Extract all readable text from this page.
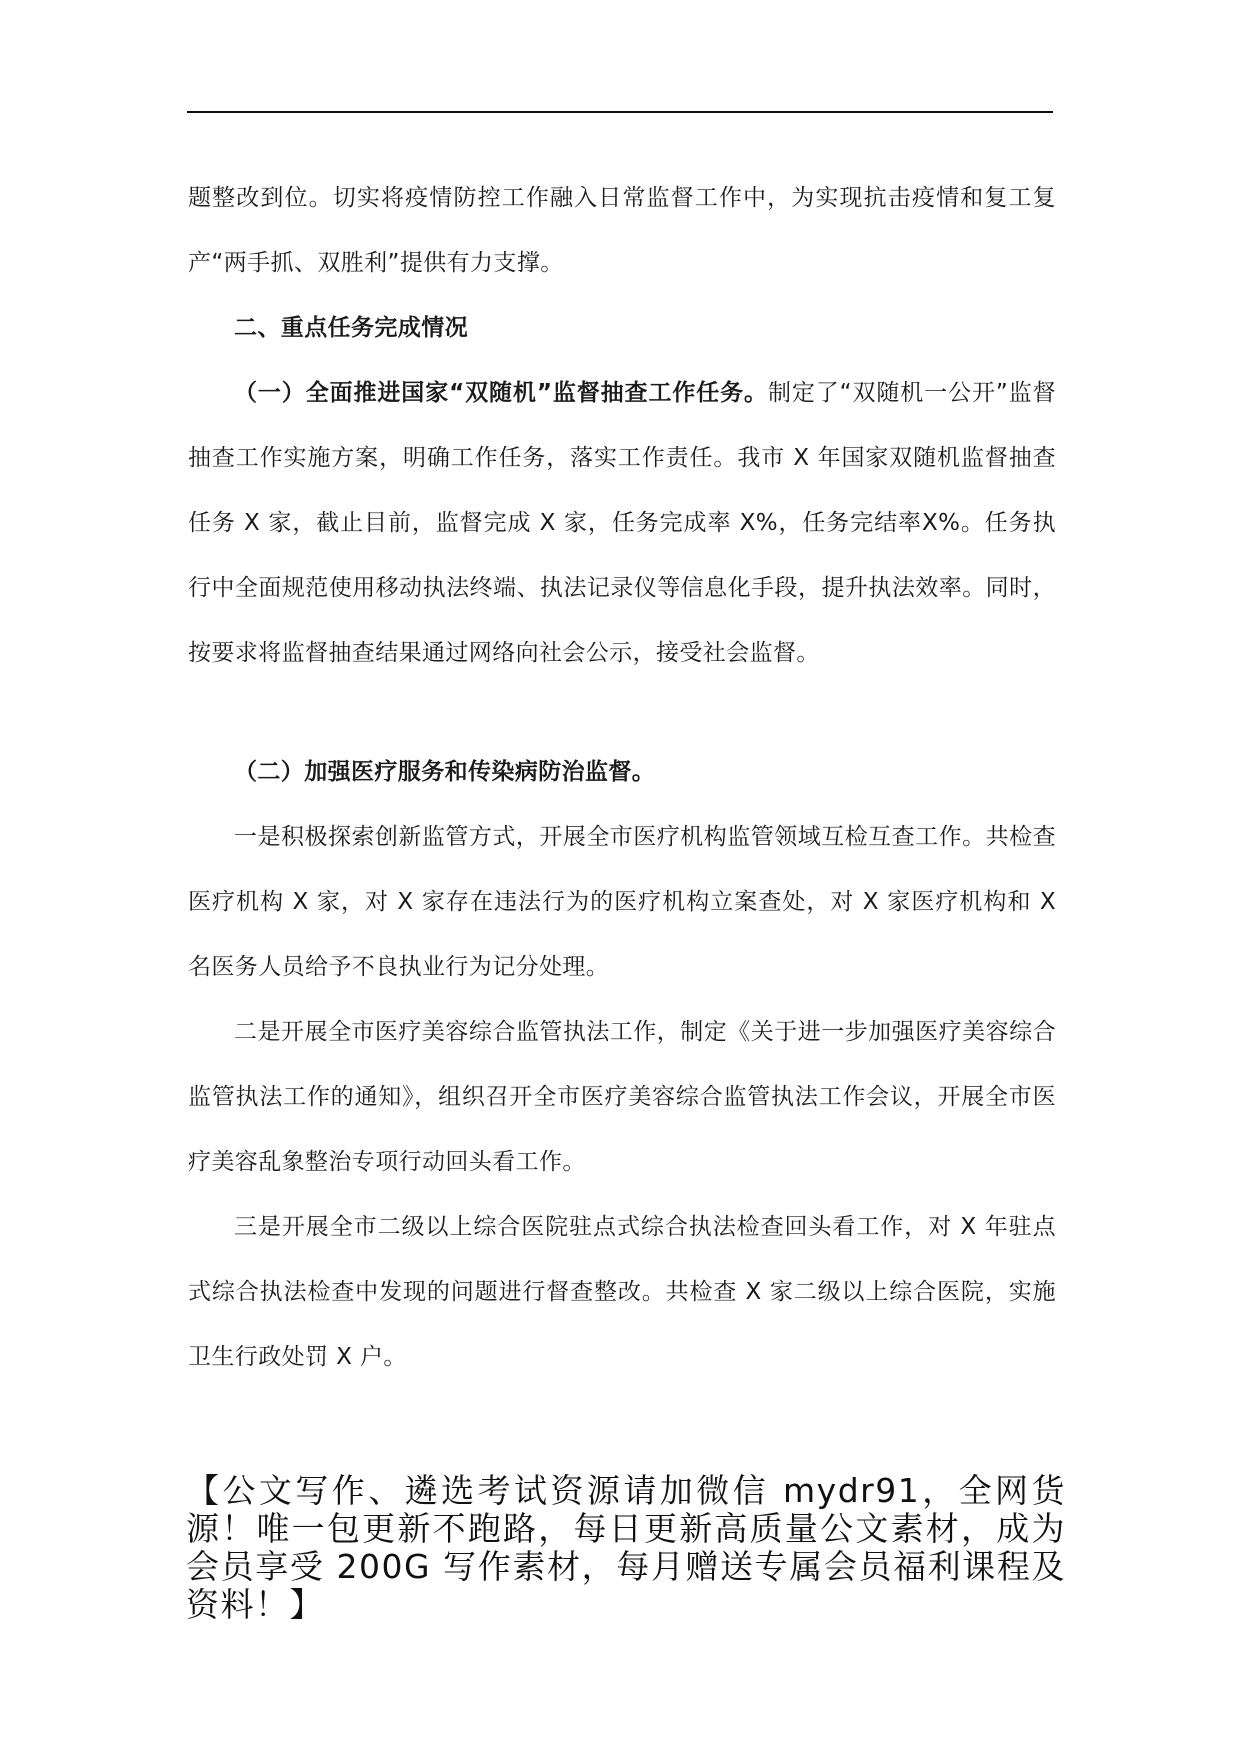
题整改到位。切实将疫情防控工作融入日常监督工作中，为实现抗击疫情和复工复产“两手抓、双胜利”提供有力支撑。

二、重点任务完成情况

（一）全面推进国家“双随机”监督抽查工作任务。制定了“双随机一公开”监督抽查工作实施方案，明确工作任务，落实工作责任。我市 X 年国家双随机监督抽查任务 X 家，截止目前，监督完成 X 家，任务完成率 X%，任务完结率X%。任务执行中全面规范使用移动执法终端、执法记录仪等信息化手段，提升执法效率。同时，按要求将监督抽查结果通过网络向社会公示，接受社会监督。

（二）加强医疗服务和传染病防治监督。

一是积极探索创新监管方式，开展全市医疗机构监管领域互检互查工作。共检查医疗机构 X 家，对 X 家存在违法行为的医疗机构立案查处，对 X 家医疗机构和 X 名医务人员给予不良执业行为记分处理。

二是开展全市医疗美容综合监管执法工作，制定《关于进一步加强医疗美容综合监管执法工作的通知》，组织召开全市医疗美容综合监管执法工作会议，开展全市医疗美容乱象整治专项行动回头看工作。

三是开展全市二级以上综合医院驻点式综合执法检查回头看工作，对 X 年驻点式综合执法检查中发现的问题进行督查整改。共检查 X 家二级以上综合医院，实施卫生行政处罚 X 户。

【公文写作、遴选考试资源请加微信 mydr91，全网货源！唯一包更新不跑路，每日更新高质量公文素材，成为会员享受 200G 写作素材，每月赠送专属会员福利课程及资料！】
